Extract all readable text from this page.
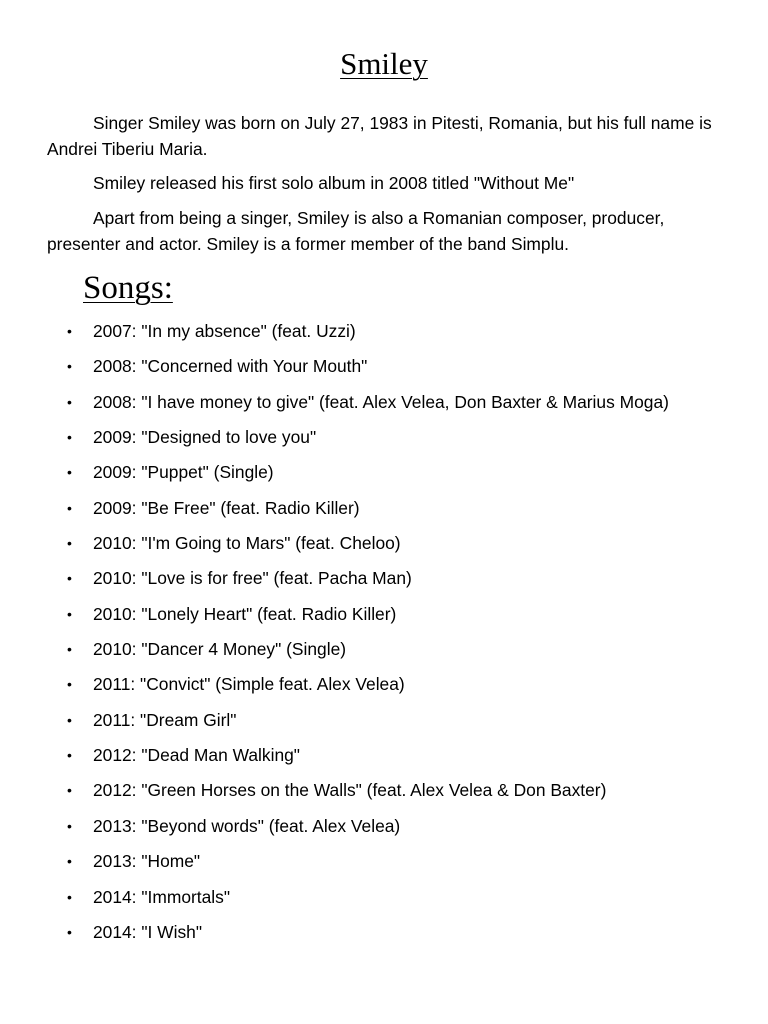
Smiley

Singer Smiley was born on July 27, 1983 in Pitesti, Romania, but his full name is Andrei Tiberiu Maria.

Smiley released his first solo album in 2008 titled "Without Me"

Apart from being a singer, Smiley is also a Romanian composer, producer, presenter and actor. Smiley is a former member of the band Simplu.

Songs:
• 2007: "In my absence" (feat. Uzzi)
• 2008: "Concerned with Your Mouth"
• 2008: "I have money to give" (feat. Alex Velea, Don Baxter & Marius Moga)
• 2009: "Designed to love you"
• 2009: "Puppet" (Single)
• 2009: "Be Free" (feat. Radio Killer)
• 2010: "I'm Going to Mars" (feat. Cheloo)
• 2010: "Love is for free" (feat. Pacha Man)
• 2010: "Lonely Heart" (feat. Radio Killer)
• 2010: "Dancer 4 Money" (Single)
• 2011: "Convict" (Simple feat. Alex Velea)
• 2011: "Dream Girl"
• 2012: "Dead Man Walking"
• 2012: "Green Horses on the Walls" (feat. Alex Velea & Don Baxter)
• 2013: "Beyond words" (feat. Alex Velea)
• 2013: "Home"
• 2014: "Immortals"
• 2014: "I Wish"
